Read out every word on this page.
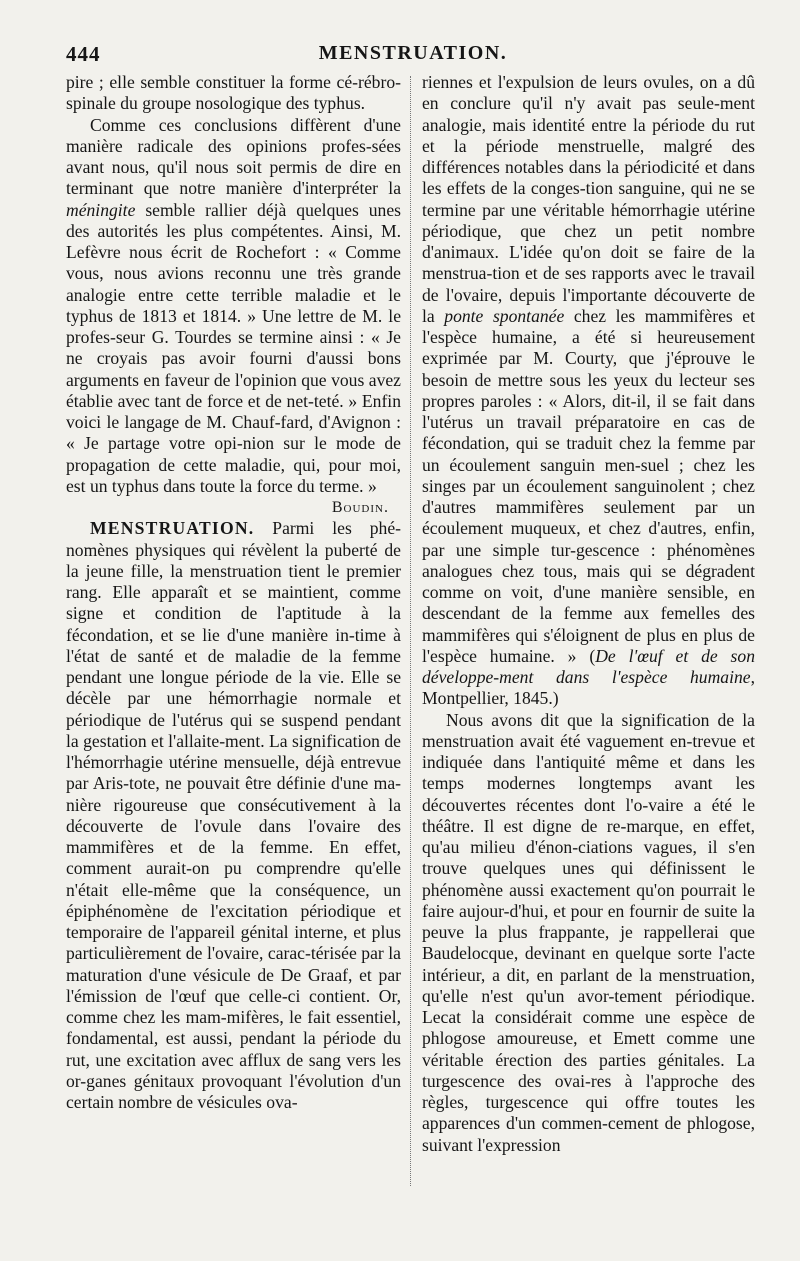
444	MENSTRUATION.

pire ; elle semble constituer la forme cé-rébro-spinale du groupe nosologique des typhus.

Comme ces conclusions diffèrent d'une manière radicale des opinions profes-sées avant nous, qu'il nous soit permis de dire en terminant que notre manière d'interpréter la méningite semble rallier déjà quelques unes des autorités les plus compétentes. Ainsi, M. Lefèvre nous écrit de Rochefort : « Comme vous, nous avions reconnu une très grande analogie entre cette terrible maladie et le typhus de 1813 et 1814. » Une lettre de M. le profes-seur G. Tourdes se termine ainsi : « Je ne croyais pas avoir fourni d'aussi bons arguments en faveur de l'opinion que vous avez établie avec tant de force et de net-teté. » Enfin voici le langage de M. Chauf-fard, d'Avignon : « Je partage votre opi-nion sur le mode de propagation de cette maladie, qui, pour moi, est un typhus dans toute la force du terme. »

Boudin.

MENSTRUATION. Parmi les phé-nomènes physiques qui révèlent la puberté de la jeune fille, la menstruation tient le premier rang. Elle apparaît et se maintient, comme signe et condition de l'aptitude à la fécondation, et se lie d'une manière in-time à l'état de santé et de maladie de la femme pendant une longue période de la vie. Elle se décèle par une hémorrhagie normale et périodique de l'utérus qui se suspend pendant la gestation et l'allaite-ment. La signification de l'hémorrhagie utérine mensuelle, déjà entrevue par Aris-tote, ne pouvait être définie d'une ma-nière rigoureuse que consécutivement à la découverte de l'ovule dans l'ovaire des mammifères et de la femme. En effet, comment aurait-on pu comprendre qu'elle n'était elle-même que la conséquence, un épiphénomène de l'excitation périodique et temporaire de l'appareil génital interne, et plus particulièrement de l'ovaire, carac-térisée par la maturation d'une vésicule de De Graaf, et par l'émission de l'œuf que celle-ci contient. Or, comme chez les mam-mifères, le fait essentiel, fondamental, est aussi, pendant la période du rut, une excitation avec afflux de sang vers les or-ganes génitaux provoquant l'évolution d'un certain nombre de vésicules ova-

riennes et l'expulsion de leurs ovules, on a dû en conclure qu'il n'y avait pas seule-ment analogie, mais identité entre la période du rut et la période menstruelle, malgré des différences notables dans la périodicité et dans les effets de la conges-tion sanguine, qui ne se termine par une véritable hémorrhagie utérine périodique, que chez un petit nombre d'animaux. L'idée qu'on doit se faire de la menstrua-tion et de ses rapports avec le travail de l'ovaire, depuis l'importante découverte de la ponte spontanée chez les mammifères et l'espèce humaine, a été si heureusement exprimée par M. Courty, que j'éprouve le besoin de mettre sous les yeux du lecteur ses propres paroles : « Alors, dit-il, il se fait dans l'utérus un travail préparatoire en cas de fécondation, qui se traduit chez la femme par un écoulement sanguin men-suel ; chez les singes par un écoulement sanguinolent ; chez d'autres mammifères seulement par un écoulement muqueux, et chez d'autres, enfin, par une simple tur-gescence : phénomènes analogues chez tous, mais qui se dégradent comme on voit, d'une manière sensible, en descendant de la femme aux femelles des mammifères qui s'éloignent de plus en plus de l'espèce humaine. » (De l'œuf et de son développe-ment dans l'espèce humaine, Montpellier, 1845.)

Nous avons dit que la signification de la menstruation avait été vaguement en-trevue et indiquée dans l'antiquité même et dans les temps modernes longtemps avant les découvertes récentes dont l'o-vaire a été le théâtre. Il est digne de re-marque, en effet, qu'au milieu d'énon-ciations vagues, il s'en trouve quelques unes qui définissent le phénomène aussi exactement qu'on pourrait le faire aujour-d'hui, et pour en fournir de suite la peuve la plus frappante, je rappellerai que Baudelocque, devinant en quelque sorte l'acte intérieur, a dit, en parlant de la menstruation, qu'elle n'est qu'un avor-tement périodique. Lecat la considérait comme une espèce de phlogose amoureuse, et Emett comme une véritable érection des parties génitales. La turgescence des ovai-res à l'approche des règles, turgescence qui offre toutes les apparences d'un commen-cement de phlogose, suivant l'expression
